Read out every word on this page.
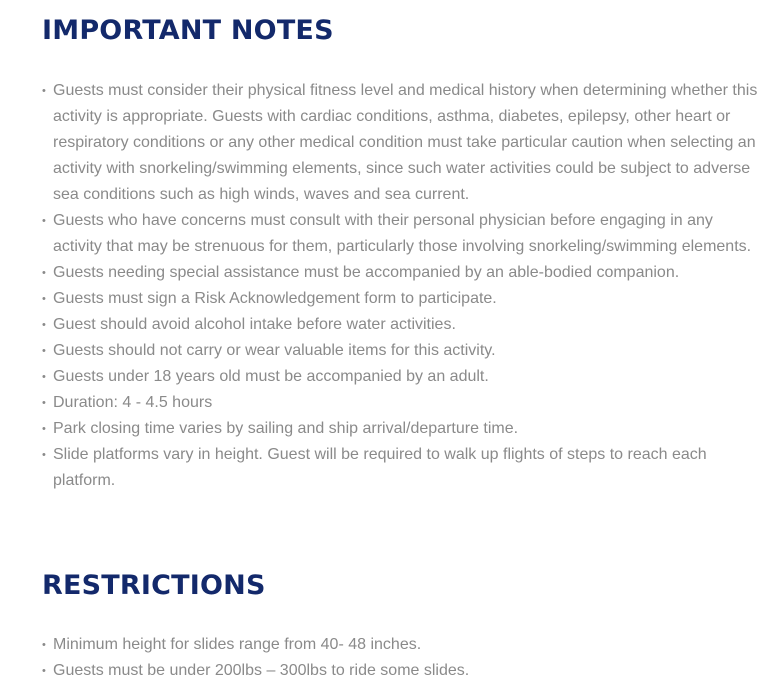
IMPORTANT NOTES
• Guests must consider their physical fitness level and medical history when determining whether this activity is appropriate. Guests with cardiac conditions, asthma, diabetes, epilepsy, other heart or respiratory conditions or any other medical condition must take particular caution when selecting an activity with snorkeling/swimming elements, since such water activities could be subject to adverse sea conditions such as high winds, waves and sea current.
• Guests who have concerns must consult with their personal physician before engaging in any activity that may be strenuous for them, particularly those involving snorkeling/swimming elements.
• Guests needing special assistance must be accompanied by an able-bodied companion.
• Guests must sign a Risk Acknowledgement form to participate.
• Guest should avoid alcohol intake before water activities.
• Guests should not carry or wear valuable items for this activity.
• Guests under 18 years old must be accompanied by an adult.
• Duration: 4 - 4.5 hours
• Park closing time varies by sailing and ship arrival/departure time.
• Slide platforms vary in height. Guest will be required to walk up flights of steps to reach each platform.
RESTRICTIONS
• Minimum height for slides range from 40- 48 inches.
• Guests must be under 200lbs – 300lbs to ride some slides.
